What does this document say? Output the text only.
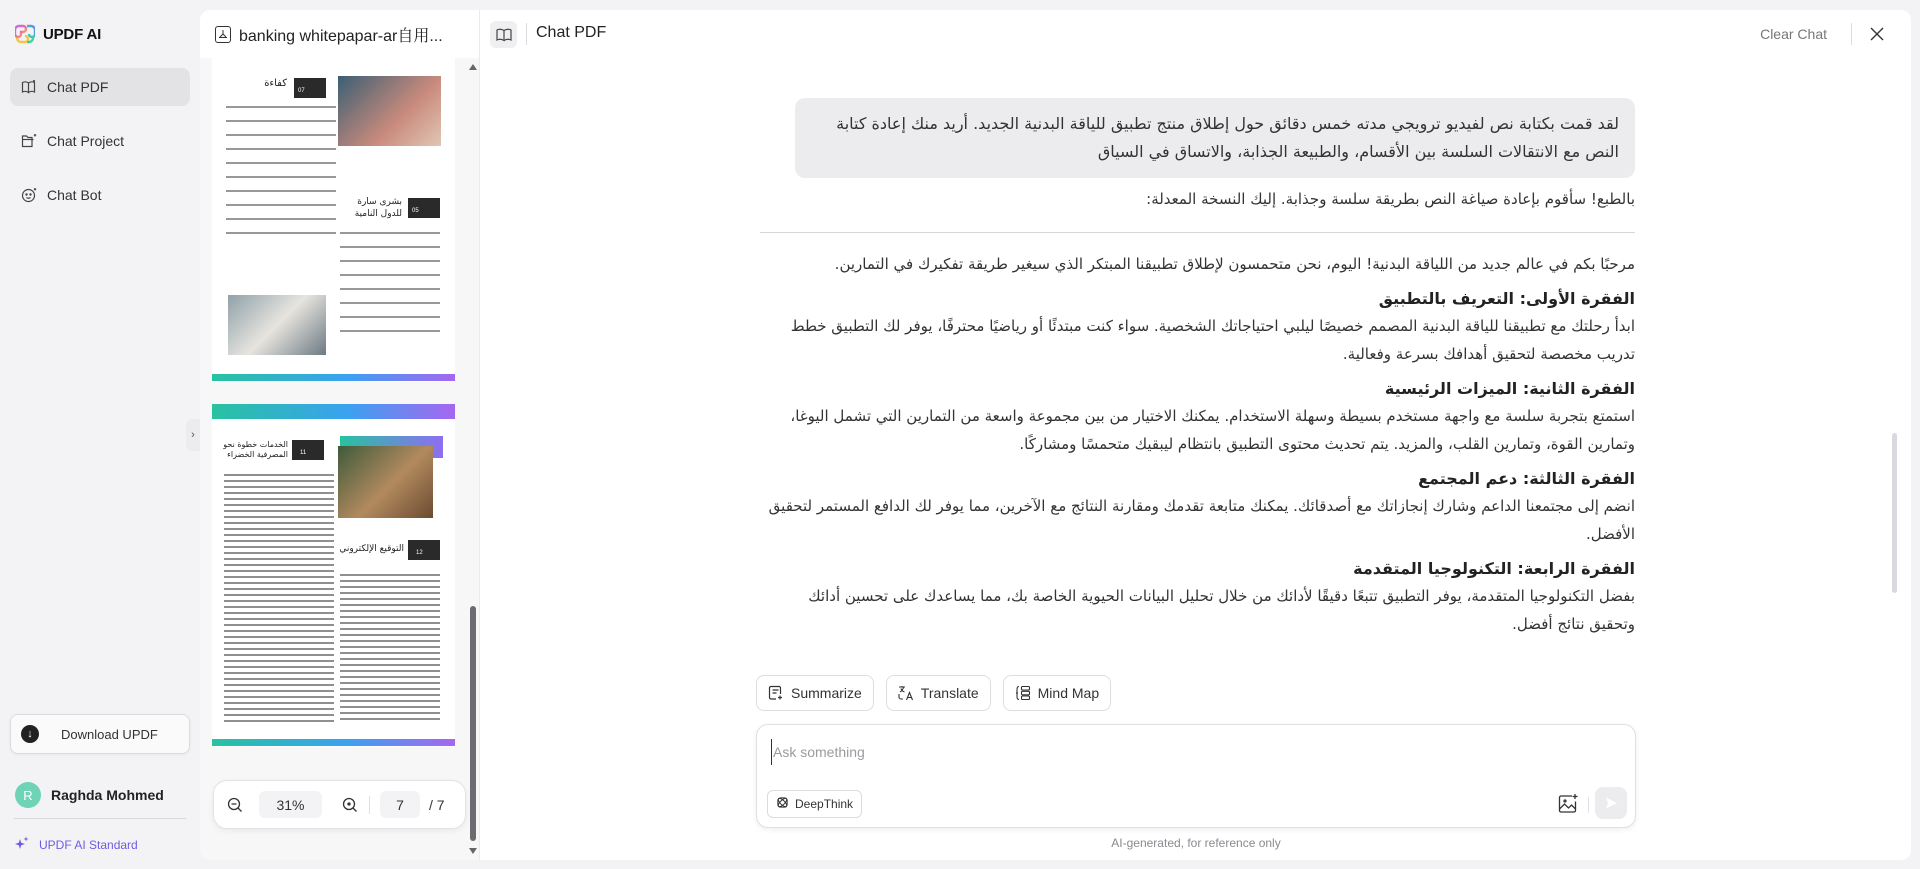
UPDF AI
Chat PDF
Chat Project
Chat Bot
↓	Download UPDF
R	Raghda Mohmed
UPDF AI Standard
banking whitepapar-ar自用...
07
كفاءة
05
بشرى سارة للدول النامية
11
الخدمات خطوة نحو المصرفية الخضراء
12
التوقيع الإلكتروني
31%	7	/ 7
›
Chat PDF	Clear Chat
لقد قمت بكتابة نص لفيديو ترويجي مدته خمس دقائق حول إطلاق منتج تطبيق للياقة البدنية الجديد. أريد منك إعادة كتابة النص مع الانتقالات السلسة بين الأقسام، والطبيعة الجذابة، والاتساق في السياق
بالطبع! سأقوم بإعادة صياغة النص بطريقة سلسة وجذابة. إليك النسخة المعدلة:

مرحبًا بكم في عالم جديد من اللياقة البدنية! اليوم، نحن متحمسون لإطلاق تطبيقنا المبتكر الذي سيغير طريقة تفكيرك في التمارين.

الفقرة الأولى: التعريف بالتطبيق

ابدأ رحلتك مع تطبيقنا للياقة البدنية المصمم خصيصًا ليلبي احتياجاتك الشخصية. سواء كنت مبتدئًا أو رياضيًا محترفًا، يوفر لك التطبيق خطط تدريب مخصصة لتحقيق أهدافك بسرعة وفعالية.

الفقرة الثانية: الميزات الرئيسية

استمتع بتجربة سلسة مع واجهة مستخدم بسيطة وسهلة الاستخدام. يمكنك الاختيار من بين مجموعة واسعة من التمارين التي تشمل اليوغا، وتمارين القوة، وتمارين القلب، والمزيد. يتم تحديث محتوى التطبيق بانتظام ليبقيك متحمسًا ومشاركًا.

الفقرة الثالثة: دعم المجتمع

انضم إلى مجتمعنا الداعم وشارك إنجازاتك مع أصدقائك. يمكنك متابعة تقدمك ومقارنة النتائج مع الآخرين، مما يوفر لك الدافع المستمر لتحقيق الأفضل.

الفقرة الرابعة: التكنولوجيا المتقدمة

بفضل التكنولوجيا المتقدمة، يوفر التطبيق تتبعًا دقيقًا لأدائك من خلال تحليل البيانات الحيوية الخاصة بك، مما يساعدك على تحسين أدائك وتحقيق نتائج أفضل.

Summarize	Translate	Mind Map
Ask something
DeepThink
AI-generated, for reference only
